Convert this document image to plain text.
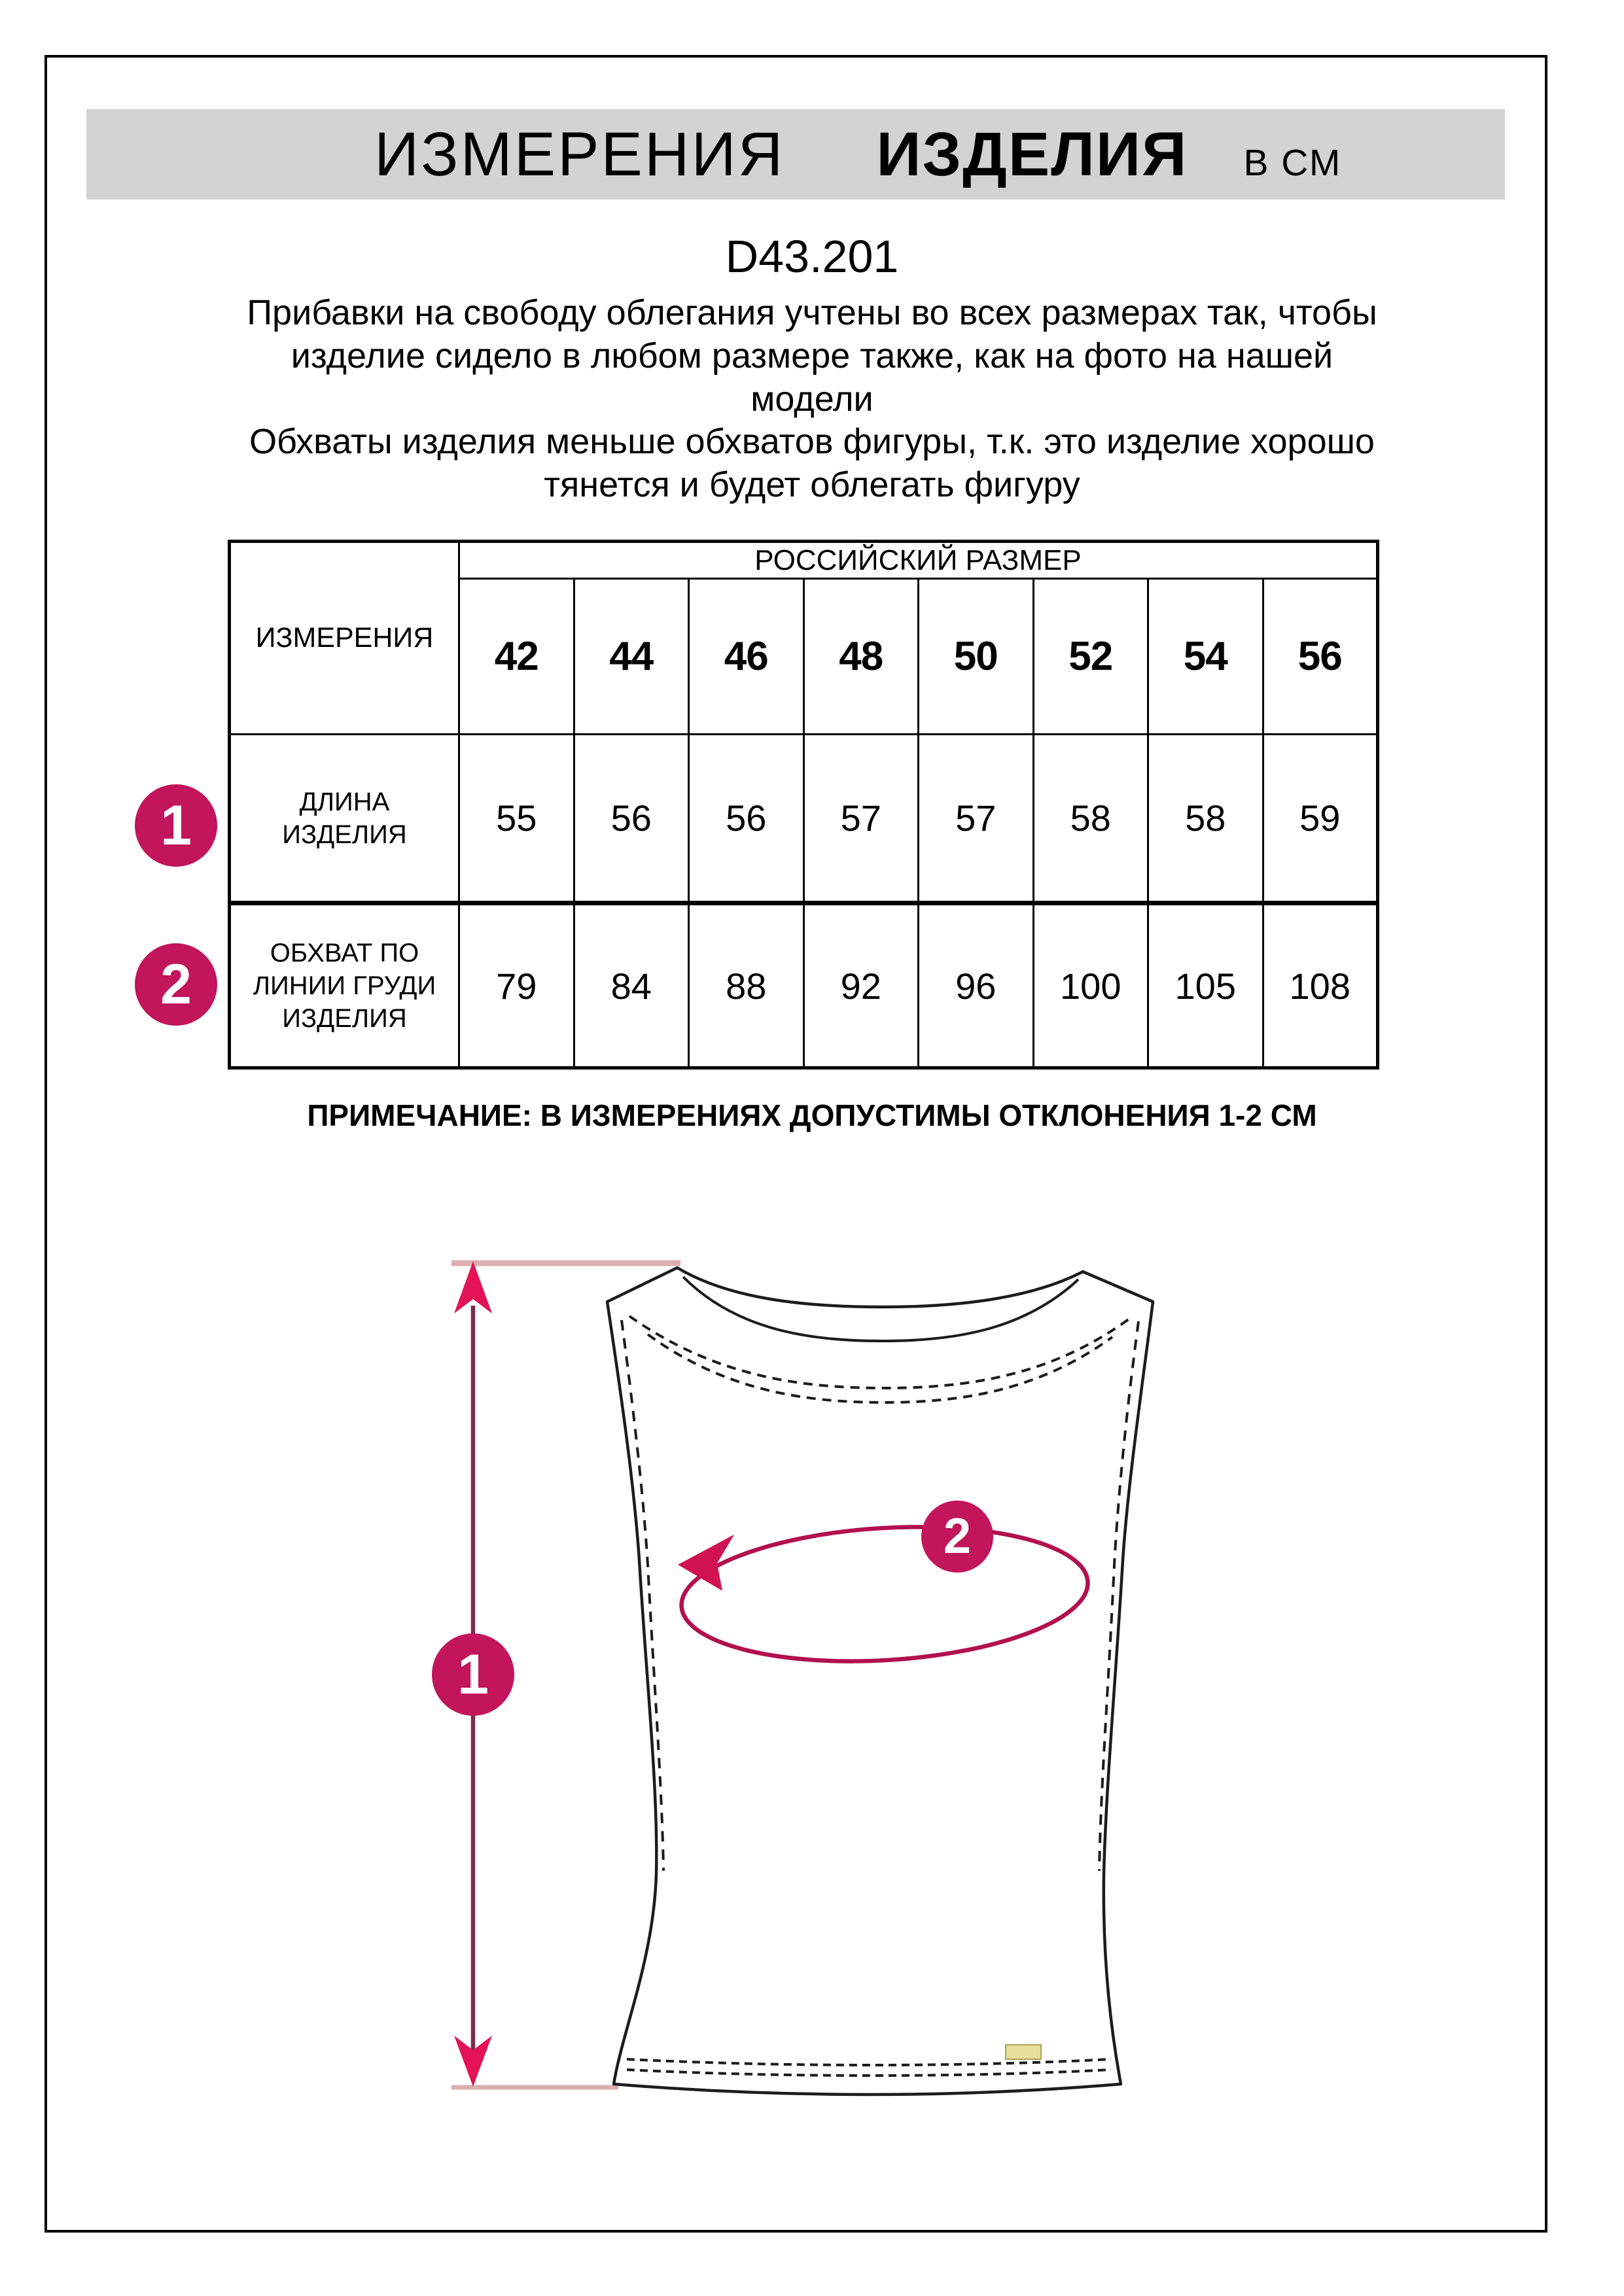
ИЗМЕРЕНИЯ ИЗДЕЛИЯ В СМ
D43.201
Прибавки на свободу облегания учтены во всех размерах так, чтобы
изделие сидело в любом размере также, как на фото на нашей
модели
Обхваты изделия меньше обхватов фигуры, т.к. это изделие хорошо
тянется и будет облегать фигуру
ИЗМЕРЕНИЯ	РОССИЙСКИЙ РАЗМЕР							
	42	44	46	48	50	52	54	56

ДЛИНА
ИЗДЕЛИЯ	55	56	56	57	57	58	58	59

ОБХВАТ ПО
ЛИНИИ ГРУДИ
ИЗДЕЛИЯ	79	84	88	92	96	100	105	108
1
2
ПРИМЕЧАНИЕ: В ИЗМЕРЕНИЯХ ДОПУСТИМЫ ОТКЛОНЕНИЯ 1-2 СМ
1
2
